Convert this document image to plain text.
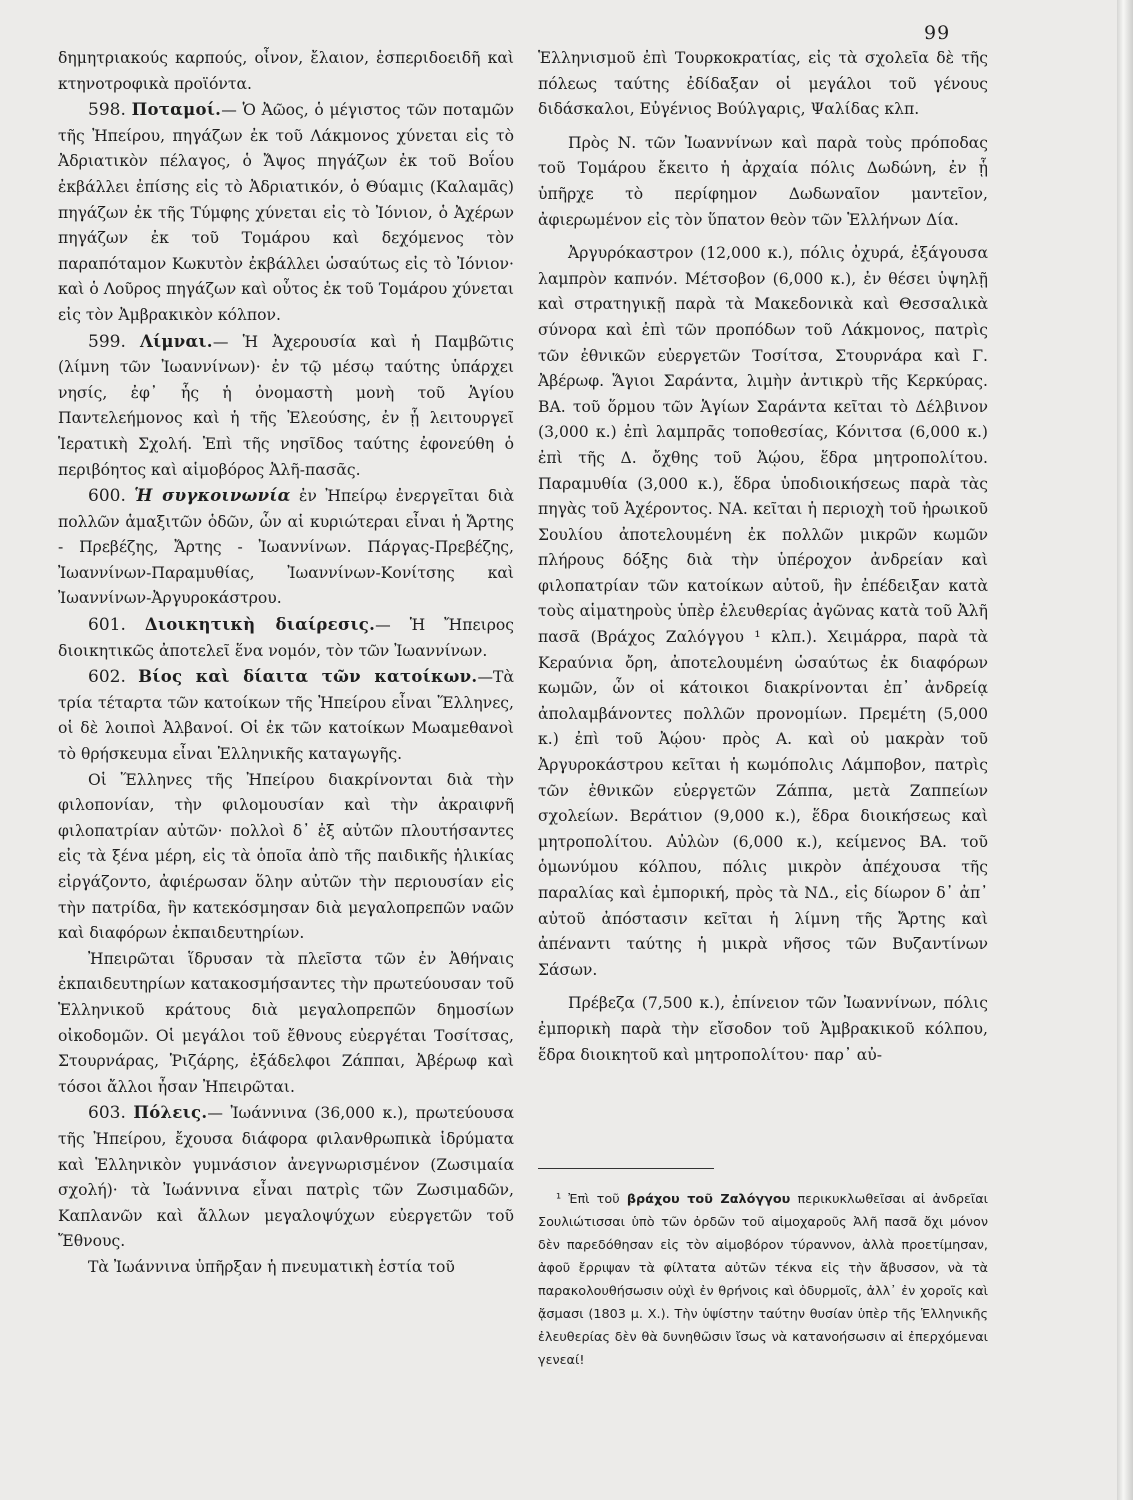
99

δημητριακούς καρπούς, οἶνον, ἔλαιον, ἑσπεριδοειδῆ καὶ κτηνοτροφικὰ προϊόντα.

598. Ποταμοί.— Ὁ Ἀῶος, ὁ μέγιστος τῶν ποταμῶν τῆς Ἠπείρου, πηγάζων ἐκ τοῦ Λάκμονος χύνεται εἰς τὸ Ἀδριατικὸν πέλαγος, ὁ Ἄψος πηγάζων ἐκ τοῦ Βοΐου ἐκβάλλει ἐπίσης εἰς τὸ Ἀδριατικόν, ὁ Θύαμις (Καλαμᾶς) πηγάζων ἐκ τῆς Τύμφης χύνεται εἰς τὸ Ἰόνιον, ὁ Ἀχέρων πηγάζων ἐκ τοῦ Τομάρου καὶ δεχόμενος τὸν παραπόταμον Κωκυτὸν ἐκβάλλει ὡσαύτως εἰς τὸ Ἰόνιον· καὶ ὁ Λοῦρος πηγάζων καὶ οὗτος ἐκ τοῦ Τομάρου χύνεται εἰς τὸν Ἀμβρακικὸν κόλπον.

599. Λίμναι.— Ἡ Ἀχερουσία καὶ ἡ Παμβῶτις (λίμνη τῶν Ἰωαννίνων)· ἐν τῷ μέσῳ ταύτης ὑπάρχει νησίς, ἐφ᾽ ἧς ἡ ὀνομαστὴ μονὴ τοῦ Ἁγίου Παντελεήμονος καὶ ἡ τῆς Ἐλεούσης, ἐν ᾗ λειτουργεῖ Ἱερατικὴ Σχολή. Ἐπὶ τῆς νησῖδος ταύτης ἐφονεύθη ὁ περιβόητος καὶ αἱμοβόρος Ἀλῆ-πασᾶς.

600. Ἡ συγκοινωνία ἐν Ἠπείρῳ ἐνεργεῖται διὰ πολλῶν ἁμαξιτῶν ὁδῶν, ὧν αἱ κυριώτεραι εἶναι ἡ Ἄρτης - Πρεβέζης, Ἄρτης - Ἰωαννίνων. Πάργας-Πρεβέζης, Ἰωαννίνων-Παραμυθίας, Ἰωαννίνων-Κονίτσης καὶ Ἰωαννίνων-Ἀργυροκάστρου.

601. Διοικητικὴ διαίρεσις.— Ἡ Ἤπειρος διοικητικῶς ἀποτελεῖ ἕνα νομόν, τὸν τῶν Ἰωαννίνων.

602. Βίος καὶ δίαιτα τῶν κατοίκων.—Τὰ τρία τέταρτα τῶν κατοίκων τῆς Ἠπείρου εἶναι Ἕλληνες, οἱ δὲ λοιποὶ Ἀλβανοί. Οἱ ἐκ τῶν κατοίκων Μωαμεθανοὶ τὸ θρήσκευμα εἶναι Ἑλληνικῆς καταγωγῆς.

Οἱ Ἕλληνες τῆς Ἠπείρου διακρίνονται διὰ τὴν φιλοπονίαν, τὴν φιλομουσίαν καὶ τὴν ἀκραιφνῆ φιλοπατρίαν αὐτῶν· πολλοὶ δ᾽ ἐξ αὐτῶν πλουτήσαντες εἰς τὰ ξένα μέρη, εἰς τὰ ὁποῖα ἀπὸ τῆς παιδικῆς ἡλικίας εἰργάζοντο, ἀφιέρωσαν ὅλην αὐτῶν τὴν περιουσίαν εἰς τὴν πατρίδα, ἣν κατεκόσμησαν διὰ μεγαλοπρεπῶν ναῶν καὶ διαφόρων ἐκπαιδευτηρίων.

Ἠπειρῶται ἵδρυσαν τὰ πλεῖστα τῶν ἐν Ἀθήναις ἐκπαιδευτηρίων κατακοσμήσαντες τὴν πρωτεύουσαν τοῦ Ἑλληνικοῦ κράτους διὰ μεγαλοπρεπῶν δημοσίων οἰκοδομῶν. Οἱ μεγάλοι τοῦ ἔθνους εὐεργέται Τοσίτσας, Στουρνάρας, Ῥιζάρης, ἐξάδελφοι Ζάππαι, Ἀβέρωφ καὶ τόσοι ἄλλοι ἦσαν Ἠπειρῶται.

603. Πόλεις.— Ἰωάννινα (36,000 κ.), πρωτεύουσα τῆς Ἠπείρου, ἔχουσα διάφορα φιλανθρωπικὰ ἱδρύματα καὶ Ἑλληνικὸν γυμνάσιον ἀνεγνωρισμένον (Ζωσιμαία σχολή)· τὰ Ἰωάννινα εἶναι πατρὶς τῶν Ζωσιμαδῶν, Καπλανῶν καὶ ἄλλων μεγαλοψύχων εὐεργετῶν τοῦ Ἔθνους.

Τὰ Ἰωάννινα ὑπῆρξαν ἡ πνευματικὴ ἑστία τοῦ

Ἑλληνισμοῦ ἐπὶ Τουρκοκρατίας, εἰς τὰ σχολεῖα δὲ τῆς πόλεως ταύτης ἐδίδαξαν οἱ μεγάλοι τοῦ γένους διδάσκαλοι, Εὐγένιος Βούλγαρις, Ψαλίδας κλπ.

Πρὸς Ν. τῶν Ἰωαννίνων καὶ παρὰ τοὺς πρόποδας τοῦ Τομάρου ἔκειτο ἡ ἀρχαία πόλις Δωδώνη, ἐν ᾗ ὑπῆρχε τὸ περίφημον Δωδωναῖον μαντεῖον, ἀφιερωμένον εἰς τὸν ὕπατον θεὸν τῶν Ἑλλήνων Δία.

Ἀργυρόκαστρον (12,000 κ.), πόλις ὀχυρά, ἐξάγουσα λαμπρὸν καπνόν. Μέτσοβον (6,000 κ.), ἐν θέσει ὑψηλῇ καὶ στρατηγικῇ παρὰ τὰ Μακεδονικὰ καὶ Θεσσαλικὰ σύνορα καὶ ἐπὶ τῶν προπόδων τοῦ Λάκμονος, πατρὶς τῶν ἐθνικῶν εὐεργετῶν Τοσίτσα, Στουρνάρα καὶ Γ. Ἀβέρωφ. Ἅγιοι Σαράντα, λιμὴν ἀντικρὺ τῆς Κερκύρας. ΒΑ. τοῦ ὅρμου τῶν Ἁγίων Σαράντα κεῖται τὸ Δέλβινον (3,000 κ.) ἐπὶ λαμπρᾶς τοποθεσίας, Κόνιτσα (6,000 κ.) ἐπὶ τῆς Δ. ὄχθης τοῦ Ἀῴου, ἕδρα μητροπολίτου. Παραμυθία (3,000 κ.), ἕδρα ὑποδιοικήσεως παρὰ τὰς πηγὰς τοῦ Ἀχέροντος. ΝΑ. κεῖται ἡ περιοχὴ τοῦ ἡρωικοῦ Σουλίου ἀποτελουμένη ἐκ πολλῶν μικρῶν κωμῶν πλήρους δόξης διὰ τὴν ὑπέροχον ἀνδρείαν καὶ φιλοπατρίαν τῶν κατοίκων αὐτοῦ, ἣν ἐπέδειξαν κατὰ τοὺς αἱματηροὺς ὑπὲρ ἐλευθερίας ἀγῶνας κατὰ τοῦ Ἀλῆ πασᾶ (Βράχος Ζαλόγγου ¹ κλπ.). Χειμάρρα, παρὰ τὰ Κεραύνια ὄρη, ἀποτελουμένη ὡσαύτως ἐκ διαφόρων κωμῶν, ὧν οἱ κάτοικοι διακρίνονται ἐπ᾽ ἀνδρείᾳ ἀπολαμβάνοντες πολλῶν προνομίων. Πρεμέτη (5,000 κ.) ἐπὶ τοῦ Ἀῴου· πρὸς Α. καὶ οὐ μακρὰν τοῦ Ἀργυροκάστρου κεῖται ἡ κωμόπολις Λάμποβον, πατρὶς τῶν ἐθνικῶν εὐεργετῶν Ζάππα, μετὰ Ζαππείων σχολείων. Βεράτιον (9,000 κ.), ἕδρα διοικήσεως καὶ μητροπολίτου. Αὐλὼν (6,000 κ.), κείμενος ΒΑ. τοῦ ὁμωνύμου κόλπου, πόλις μικρὸν ἀπέχουσα τῆς παραλίας καὶ ἐμπορική, πρὸς τὰ ΝΔ., εἰς δίωρον δ᾽ ἀπ᾽ αὐτοῦ ἀπόστασιν κεῖται ἡ λίμνη τῆς Ἄρτης καὶ ἀπέναντι ταύτης ἡ μικρὰ νῆσος τῶν Βυζαντίνων Σάσων.

Πρέβεζα (7,500 κ.), ἐπίνειον τῶν Ἰωαννίνων, πόλις ἐμπορικὴ παρὰ τὴν εἴσοδον τοῦ Ἀμβρακικοῦ κόλπου, ἕδρα διοικητοῦ καὶ μητροπολίτου· παρ᾽ αὐ-

¹ Ἐπὶ τοῦ βράχου τοῦ Ζαλόγγου περικυκλωθεῖσαι αἱ ἀνδρεῖαι Σουλιώτισσαι ὑπὸ τῶν ὀρδῶν τοῦ αἱμοχαροῦς Ἀλῆ πασᾶ ὄχι μόνον δὲν παρεδόθησαν εἰς τὸν αἱμοβόρον τύραννον, ἀλλὰ προετίμησαν, ἀφοῦ ἔρριψαν τὰ φίλτατα αὐτῶν τέκνα εἰς τὴν ἄβυσσον, νὰ τὰ παρακολουθήσωσιν οὐχὶ ἐν θρήνοις καὶ ὀδυρμοῖς, ἀλλ᾽ ἐν χοροῖς καὶ ᾄσμασι (1803 μ. Χ.). Τὴν ὑψίστην ταύτην θυσίαν ὑπὲρ τῆς Ἑλληνικῆς ἐλευθερίας δὲν θὰ δυνηθῶσιν ἴσως νὰ κατανοήσωσιν αἱ ἐπερχόμεναι γενεαί!
